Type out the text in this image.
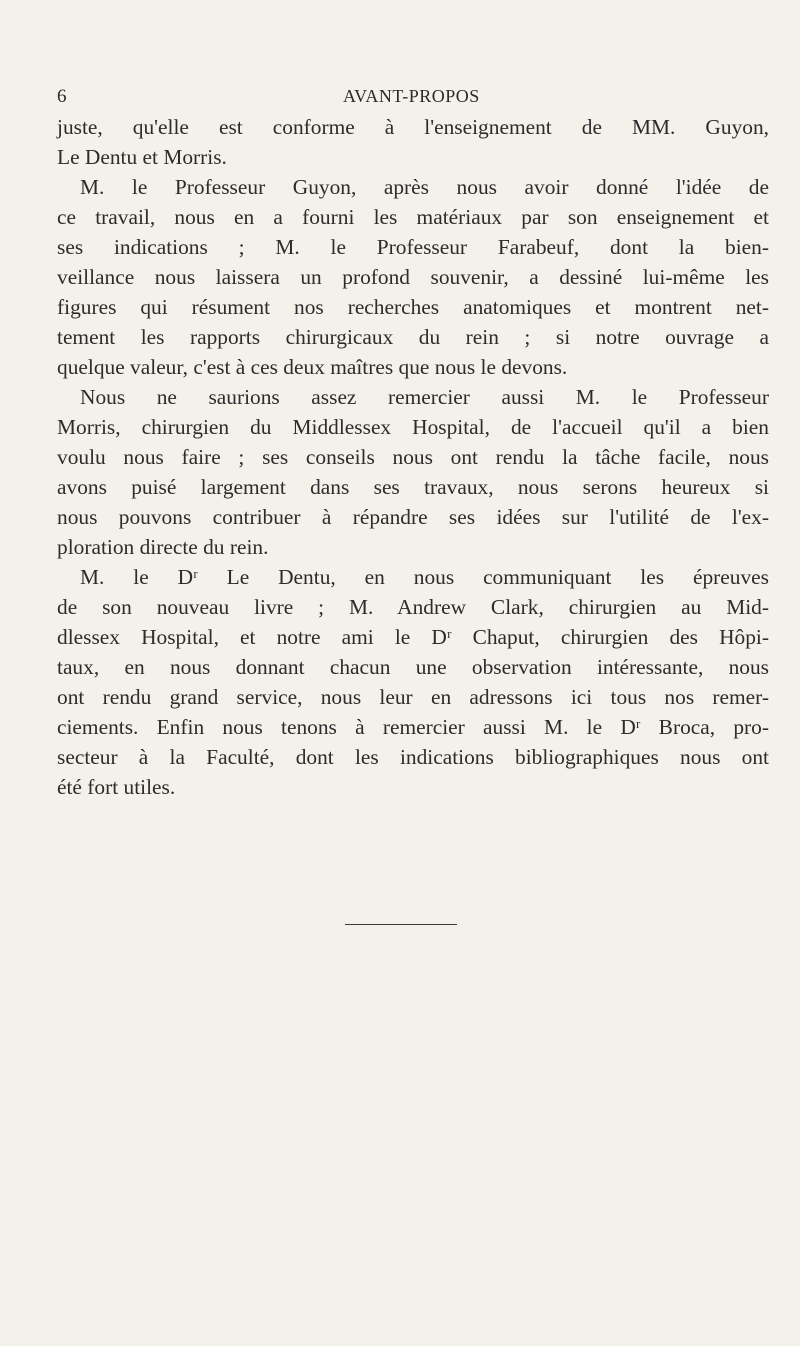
6	AVANT-PROPOS
juste, qu'elle est conforme à l'enseignement de MM. Guyon,
Le Dentu et Morris.
M. le Professeur Guyon, après nous avoir donné l'idée de
ce travail, nous en a fourni les matériaux par son enseignement et
ses indications ; M. le Professeur Farabeuf, dont la bien-
veillance nous laissera un profond souvenir, a dessiné lui-même les
figures qui résument nos recherches anatomiques et montrent net-
tement les rapports chirurgicaux du rein ; si notre ouvrage a
quelque valeur, c'est à ces deux maîtres que nous le devons.
Nous ne saurions assez remercier aussi M. le Professeur
Morris, chirurgien du Middlessex Hospital, de l'accueil qu'il a bien
voulu nous faire ; ses conseils nous ont rendu la tâche facile, nous
avons puisé largement dans ses travaux, nous serons heureux si
nous pouvons contribuer à répandre ses idées sur l'utilité de l'ex-
ploration directe du rein.
M. le Dʳ Le Dentu, en nous communiquant les épreuves
de son nouveau livre ; M. Andrew Clark, chirurgien au Mid-
dlessex Hospital, et notre ami le Dʳ Chaput, chirurgien des Hôpi-
taux, en nous donnant chacun une observation intéressante, nous
ont rendu grand service, nous leur en adressons ici tous nos remer-
ciements. Enfin nous tenons à remercier aussi M. le Dʳ Broca, pro-
secteur à la Faculté, dont les indications bibliographiques nous ont
été fort utiles.
